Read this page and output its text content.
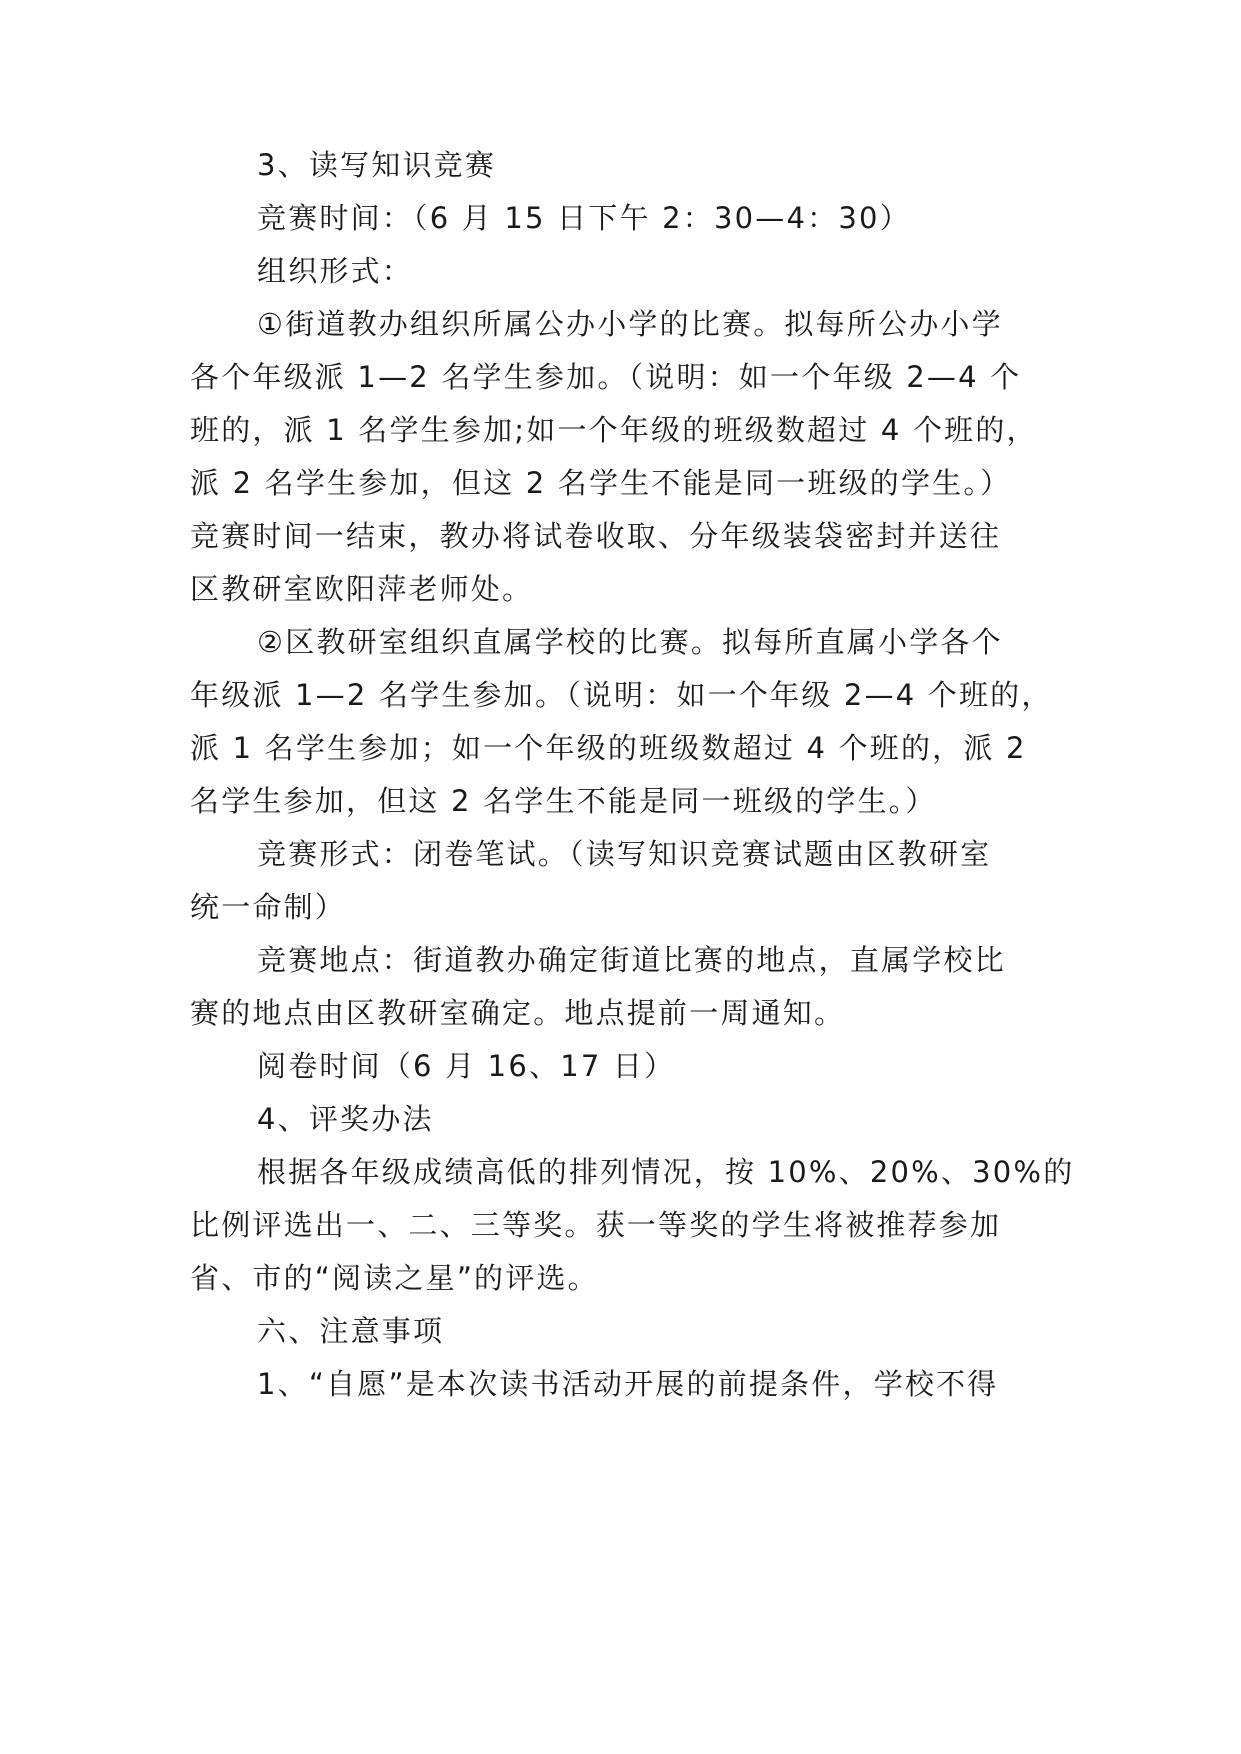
3、读写知识竞赛
竞赛时间：（6 月 15 日下午 2：30—4：30）
组织形式：
①街道教办组织所属公办小学的比赛。拟每所公办小学
各个年级派 1—2 名学生参加。（说明：如一个年级 2—4 个
班的，派 1 名学生参加;如一个年级的班级数超过 4 个班的，
派 2 名学生参加，但这 2 名学生不能是同一班级的学生。）
竞赛时间一结束，教办将试卷收取、分年级装袋密封并送往
区教研室欧阳萍老师处。
②区教研室组织直属学校的比赛。拟每所直属小学各个
年级派 1—2 名学生参加。（说明：如一个年级 2—4 个班的，
派 1 名学生参加；如一个年级的班级数超过 4 个班的，派 2
名学生参加，但这 2 名学生不能是同一班级的学生。）
竞赛形式：闭卷笔试。（读写知识竞赛试题由区教研室
统一命制）
竞赛地点：街道教办确定街道比赛的地点，直属学校比
赛的地点由区教研室确定。地点提前一周通知。
阅卷时间（6 月 16、17 日）
4、评奖办法
根据各年级成绩高低的排列情况，按 10%、20%、30%的
比例评选出一、二、三等奖。获一等奖的学生将被推荐参加
省、市的“阅读之星”的评选。
六、注意事项
1、“自愿”是本次读书活动开展的前提条件，学校不得
